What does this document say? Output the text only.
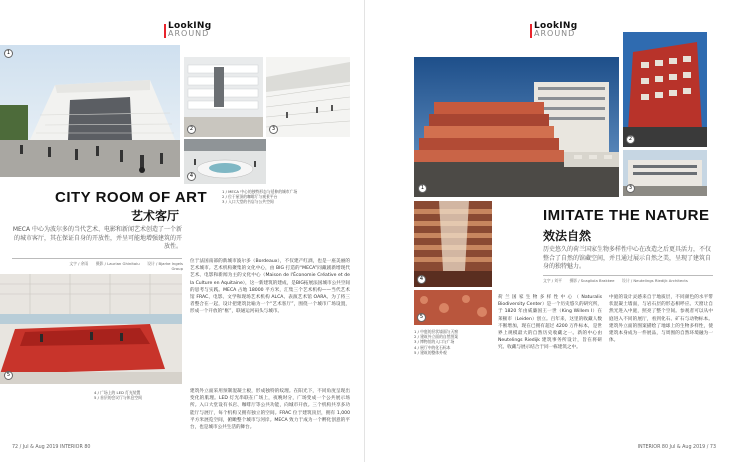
LookINg
AROUND
1
2	3
4
1 / MECA 中心的独特形态与延伸的城市广场
2 / 位于屋顶的咖啡厅与观景平台
3 / 入口大堂的书店与公共空间
CITY ROOM OF ART
艺术客厅
MECA 中心为波尔多的当代艺术、电影和新闻艺术创造了一个新的城市客厅，其在保证自身的开放性，并呈可能地增强建筑的开放性。
文字 / 余雨　　摄影 / Laurian Ghinitoiu　　设计 / Bjarke Ingels Group
5
4 / 广场上的 LED 灯光装置
5 / 首层的会议厅与休息空间
位于法国南部的新城市波尔多（Bordeaux），不仅建产红酒，也是一座美丽的艺术城市。艺术机构聚集的文化中心，由 BIG 打造的“MECA”同藏剧新增现代艺术、电影和新闻为主的文化中心（Maison de l'Économie Créative et de la Culture en Aquitaine），这一新建筑的建成，是BIG拓展法国城市公共空间的思考与实践。MECA 占地 18000 平方米，汇集三个艺术机构——当代艺术馆 FRAC、电影、文学和现场艺术机构 ALCA、表演艺术馆 OARA。为了将三者整合在一起，设计把建筑比喻为一个“艺术客厅”，围绕一个城市广场设置，形成一个开放的“框”，联通运河码头与城市。
建筑外立面采用预制混凝土板，形成独特的纹理。在阳光下，不同角度呈现出变化的肌理。LED 灯光串联在广场上，夜晚时分，广场变成一个公共展示场所。入口大堂设有书店、咖啡厅等公共功能，向城市开放。三个机构共享多功能厅与展厅，每个机构又拥有独立的空间。FRAC 位于建筑顶层，拥有 1,000 平方米展览空间，俯瞰整个城市与河岸。MECA 致力于成为一个孵化创意的平台，也是城市公共生活的舞台。
72 / Jul & Aug 2019 INTERIOR 80
LookINg
AROUND
1
2
3
4
5
IMITATE THE NATURE
效法自然
历史悠久的荷兰国家生物多样性中心在改造之后更具活力，不仅整合了自然的馆藏空间，并且通过展示自然之美，呈现了建筑自身的独特魅力。
文字 / 刘平　　摄影 / Scagliola Brakkee　　设计 / Neutelings Riedijk Architects
1 / 中庭的层状墙面与天窗
2 / 建筑外立面的自然图案
3 / 博物馆的入口与广场
4 / 展厅中的化石标本
5 / 建筑的整体外观
荷兰国家生物多样性中心（Naturalis Biodiversity Center）是一个历史悠久的研究所，于 1820 年由威廉国王一世（King Willem I）在莱顿市（Leiden）创立。百年来，这里的收藏人数不断增加，现在已拥有超过 4200 万件标本，是世界上规模最大的自然历史收藏之一。新的中心由 Neutelings Riedijk 建筑事务所设计，旨在将研究、收藏与展示结合于同一栋建筑之中。
中庭的设计灵感来自于地质层，不同颜色的水平带状混凝土墙面，与岩石层的形态相呼应。天窗让自然光进入中庭，照亮了整个空间。参观者可以从中庭进入不同的展厅，看到化石、矿石与动物标本。建筑外立面的图案描绘了地球上的生物多样性，使建筑本身成为一件展品，与周围的自然环境融为一体。
INTERIOR 80 Jul & Aug 2019 / 73
